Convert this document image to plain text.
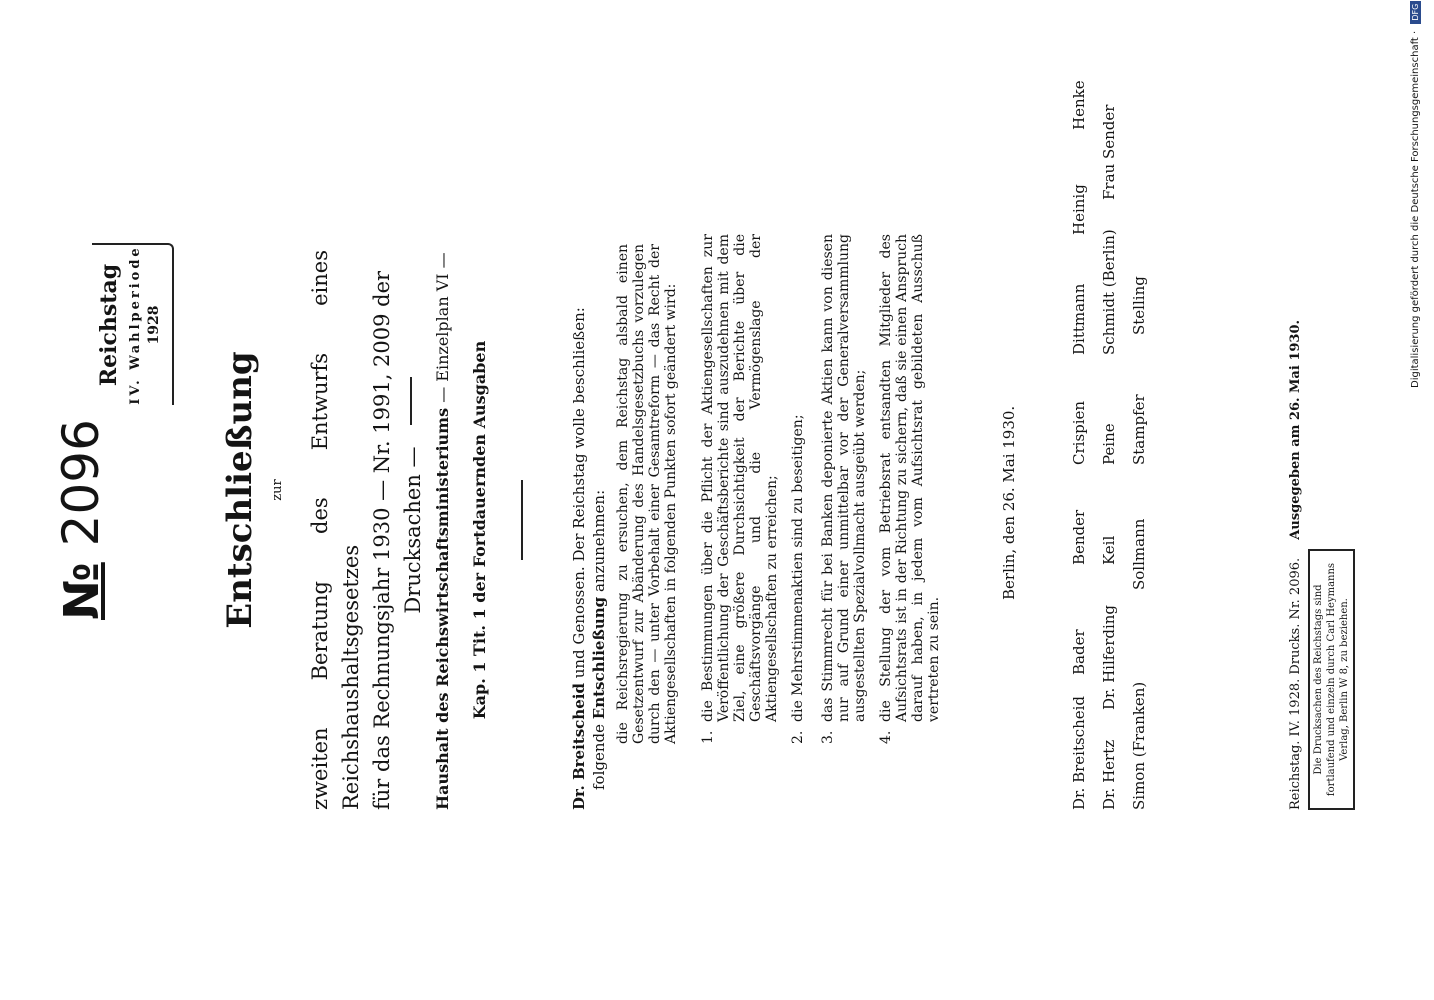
№ 2096
Reichstag IV. Wahlperiode 1928
Entschließung zur zweiten Beratung des Entwurfs eines Reichshaushaltsgesetzes für das Rechnungsjahr 1930 — Nr. 1991, 2009 der Drucksachen — Haushalt des Reichswirtschaftsministeriums — Einzelplan VI —
Kap. 1 Tit. 1 der Fortdauernden Ausgaben
Dr. Breitscheid und Genossen. Der Reichstag wolle beschließen:
folgende Entschließung anzunehmen: die Reichsregierung zu ersuchen, dem Reichstag alsbald einen Gesetzentwurf zur Abänderung des Handelsgesetzbuchs vorzulegen durch den — unter Vorbehalt einer Gesamtreform — das Recht der Aktiengesellschaften in folgenden Punkten sofort geändert wird: 1.
die Bestimmungen über die Pflicht der Aktiengesellschaften zur Veröffentlichung der Geschäftsberichte sind auszudehnen mit dem Ziel, eine größere Durchsichtigkeit der Berichte über die Geschäftsvorgänge und die Vermögenslage der Aktiengesellschaften zu erreichen;
2.
die Mehrstimmenaktien sind zu beseitigen;
3.
das Stimmrecht für bei Banken deponierte Aktien kann von diesen nur auf Grund einer unmittelbar vor der Generalversammlung ausgestellten Spezialvollmacht ausgeübt werden;
4.
die Stellung der vom Betriebsrat entsandten Mitglieder des Aufsichtsrats ist in der Richtung zu sichern, daß sie einen Anspruch darauf haben, in jedem vom Aufsichtsrat gebildeten Ausschuß vertreten zu sein.
Berlin, den 26. Mai 1930.
Dr. Breitscheid
Bader
Bender
Crispien
Dittmann
Heinig
Henke
Dr. Hertz
Dr. Hilferding
Keil
Peine
Schmidt (Berlin)
Frau Sender
Simon (Franken)
Sollmann
Stampfer
Stelling
Reichstag. IV. 1928. Drucks. Nr. 2096. Ausgegeben am 26. Mai 1930.
Die Drucksachen des Reichstags sind fortlaufend und einzeln durch Carl Heymanns Verlag, Berlin W 8, zu beziehen.
Digitalisierung gefördert durch die Deutsche Forschungsgemeinschaft · DFG
